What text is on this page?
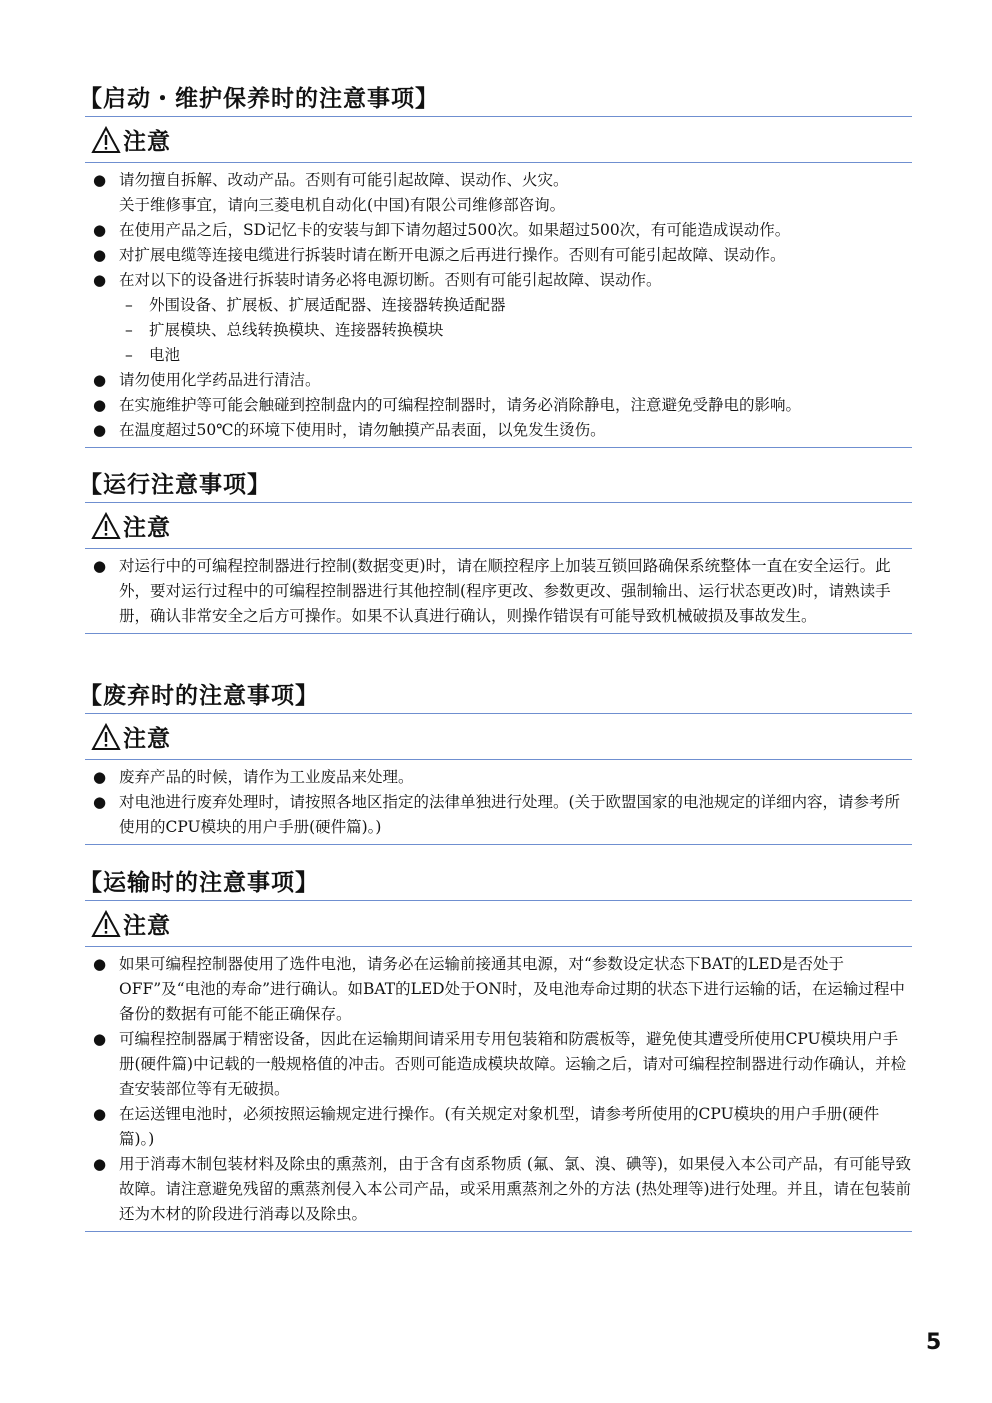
【启动・维护保养时的注意事项】
注意
● 请勿擅自拆解、改动产品。否则有可能引起故障、误动作、火灾。
关于维修事宜，请向三菱电机自动化(中国)有限公司维修部咨询。
● 在使用产品之后，SD记忆卡的安装与卸下请勿超过500次。如果超过500次，有可能造成误动作。
● 对扩展电缆等连接电缆进行拆装时请在断开电源之后再进行操作。否则有可能引起故障、误动作。
● 在对以下的设备进行拆装时请务必将电源切断。否则有可能引起故障、误动作。
–	外围设备、扩展板、扩展适配器、连接器转换适配器
–	扩展模块、总线转换模块、连接器转换模块
–	电池
● 请勿使用化学药品进行清洁。
● 在实施维护等可能会触碰到控制盘内的可编程控制器时，请务必消除静电，注意避免受静电的影响。
● 在温度超过50℃的环境下使用时，请勿触摸产品表面，以免发生烫伤。
【运行注意事项】
注意
● 对运行中的可编程控制器进行控制(数据变更)时，请在顺控程序上加装互锁回路确保系统整体一直在安全运行。此外，要对运行过程中的可编程控制器进行其他控制(程序更改、参数更改、强制输出、运行状态更改)时，请熟读手册，确认非常安全之后方可操作。如果不认真进行确认，则操作错误有可能导致机械破损及事故发生。
【废弃时的注意事项】
注意
● 废弃产品的时候，请作为工业废品来处理。
● 对电池进行废弃处理时，请按照各地区指定的法律单独进行处理。(关于欧盟国家的电池规定的详细内容，请参考所使用的CPU模块的用户手册(硬件篇)。)
【运输时的注意事项】
注意
● 如果可编程控制器使用了选件电池，请务必在运输前接通其电源，对“参数设定状态下BAT的LED是否处于OFF”及“电池的寿命”进行确认。如BAT的LED处于ON时，及电池寿命过期的状态下进行运输的话，在运输过程中备份的数据有可能不能正确保存。
● 可编程控制器属于精密设备，因此在运输期间请采用专用包装箱和防震板等，避免使其遭受所使用CPU模块用户手册(硬件篇)中记载的一般规格值的冲击。否则可能造成模块故障。运输之后，请对可编程控制器进行动作确认，并检查安装部位等有无破损。
● 在运送锂电池时，必须按照运输规定进行操作。(有关规定对象机型，请参考所使用的CPU模块的用户手册(硬件篇)。)
● 用于消毒木制包装材料及除虫的熏蒸剂，由于含有卤系物质 (氟、氯、溴、碘等)，如果侵入本公司产品，有可能导致故障。请注意避免残留的熏蒸剂侵入本公司产品，或采用熏蒸剂之外的方法 (热处理等)进行处理。并且，请在包装前还为木材的阶段进行消毒以及除虫。
5
